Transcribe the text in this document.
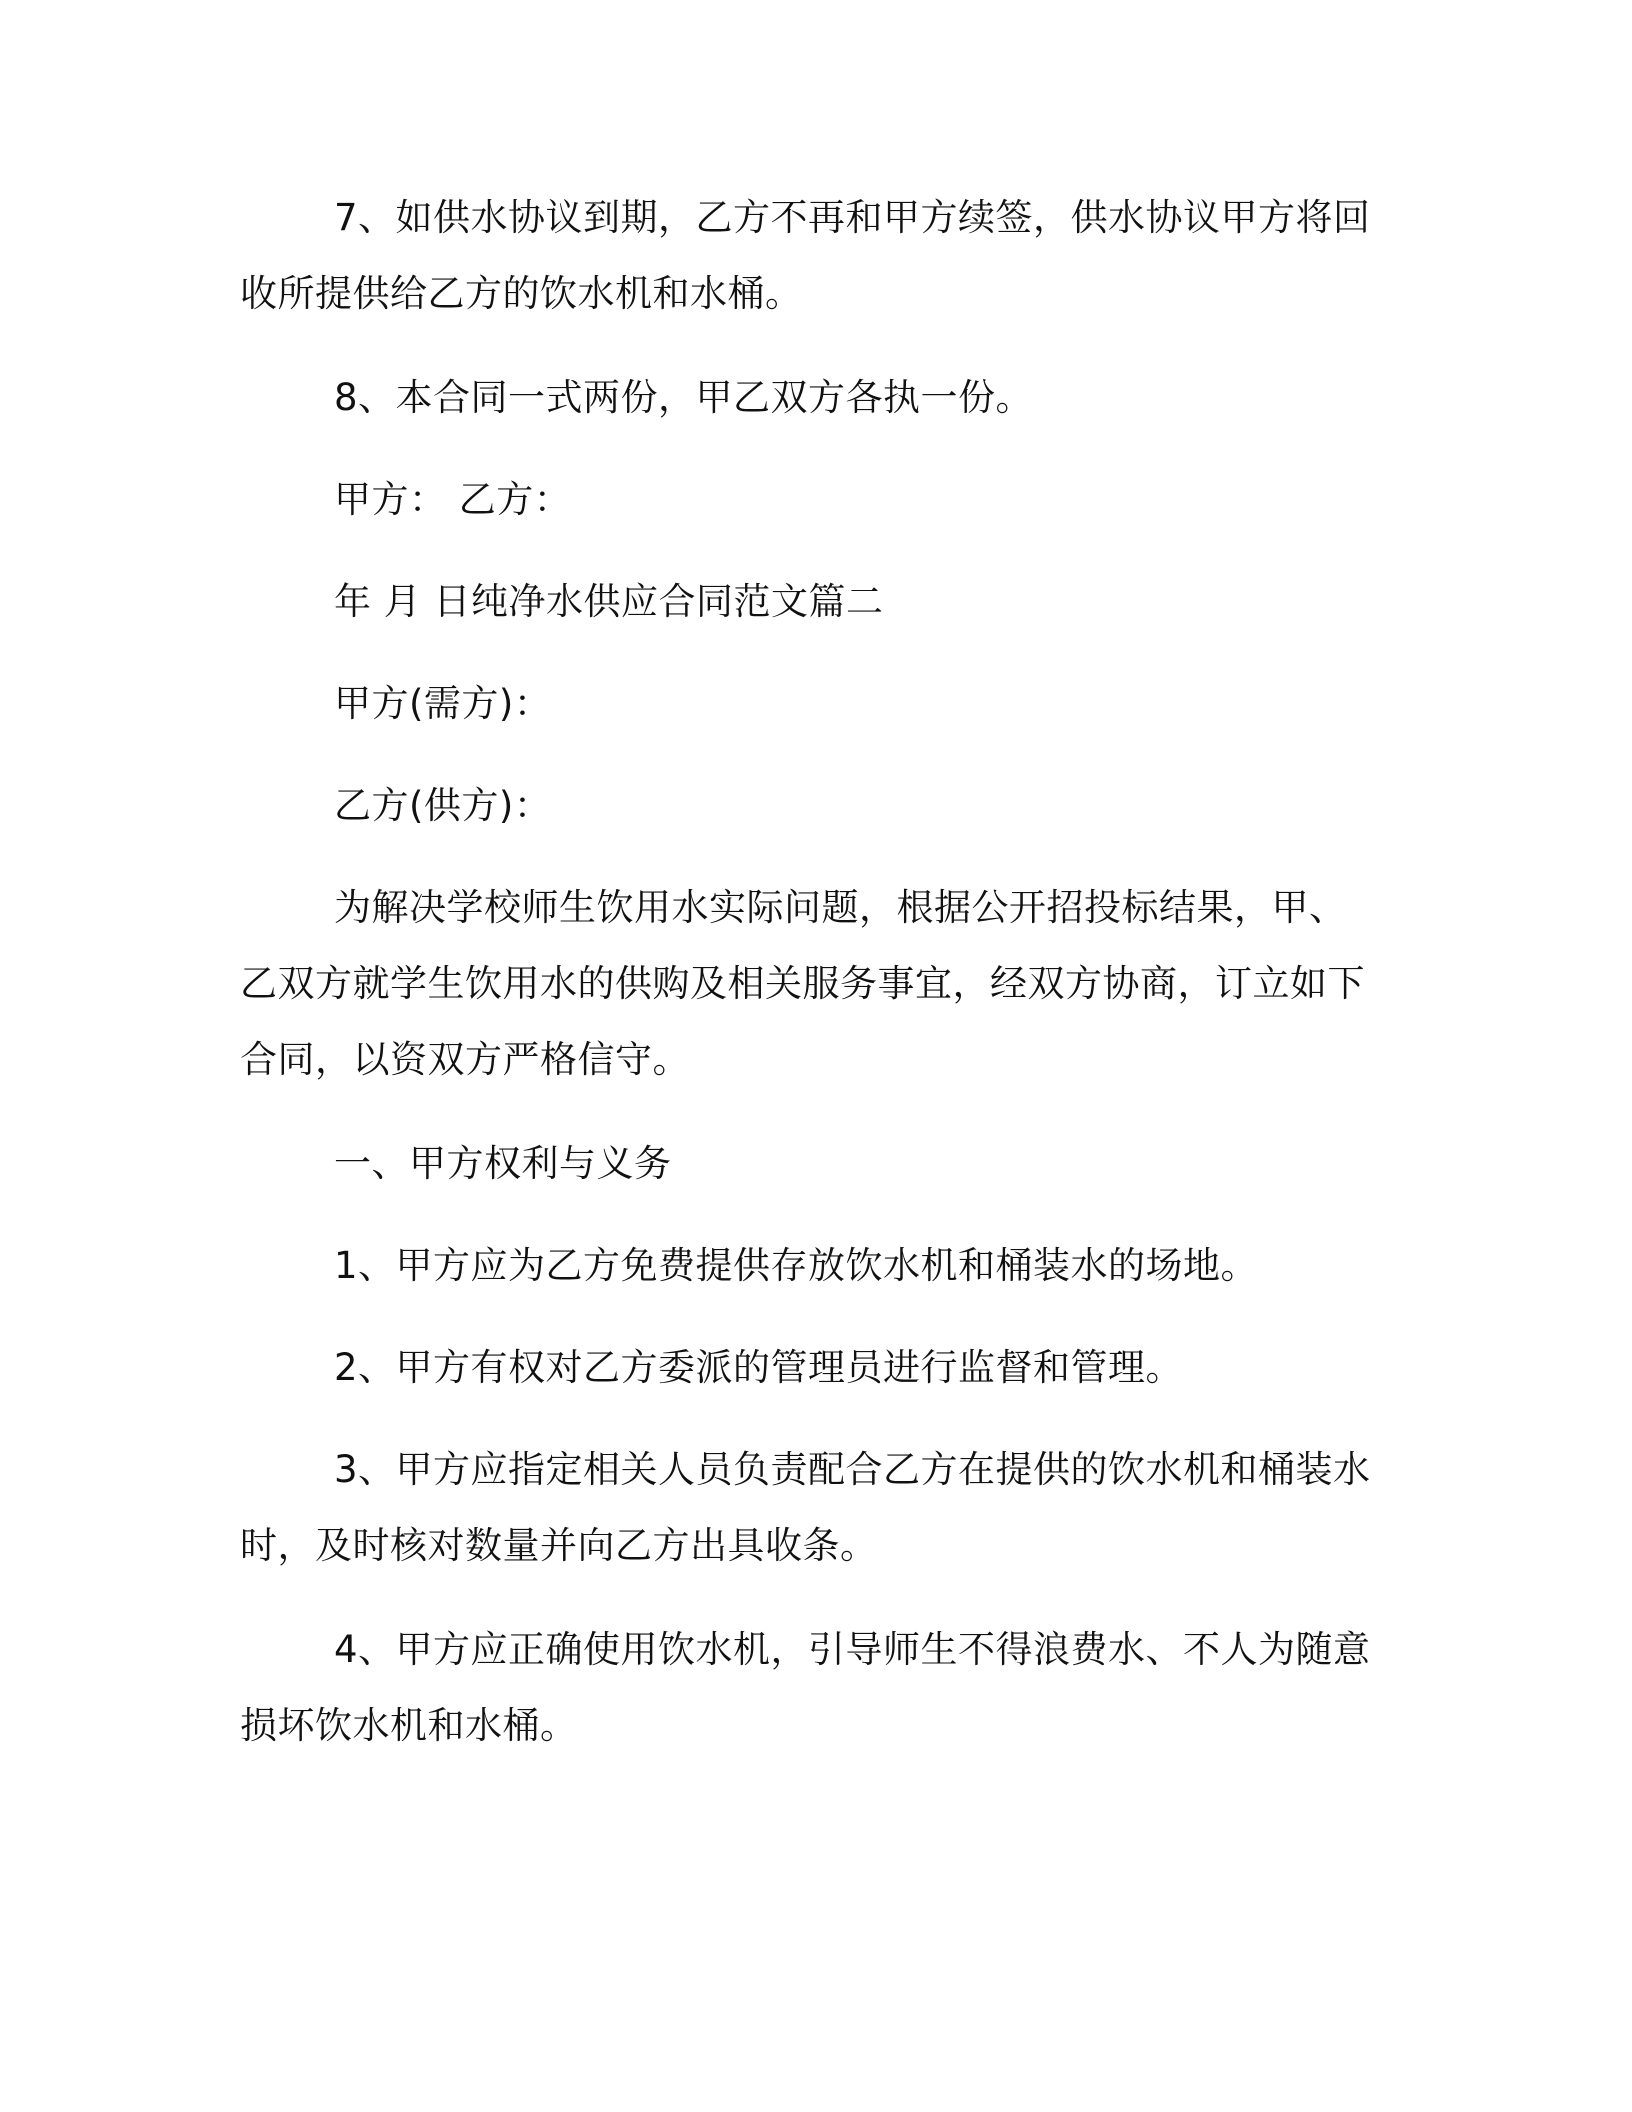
7、如供水协议到期，乙方不再和甲方续签，供水协议甲方将回收所提供给乙方的饮水机和水桶。

8、本合同一式两份，甲乙双方各执一份。

甲方： 乙方：

年 月 日纯净水供应合同范文篇二

甲方(需方)：

乙方(供方)：

为解决学校师生饮用水实际问题，根据公开招投标结果，甲、乙双方就学生饮用水的供购及相关服务事宜，经双方协商，订立如下合同，以资双方严格信守。

一、甲方权利与义务

1、甲方应为乙方免费提供存放饮水机和桶装水的场地。

2、甲方有权对乙方委派的管理员进行监督和管理。

3、甲方应指定相关人员负责配合乙方在提供的饮水机和桶装水时，及时核对数量并向乙方出具收条。

4、甲方应正确使用饮水机，引导师生不得浪费水、不人为随意损坏饮水机和水桶。
